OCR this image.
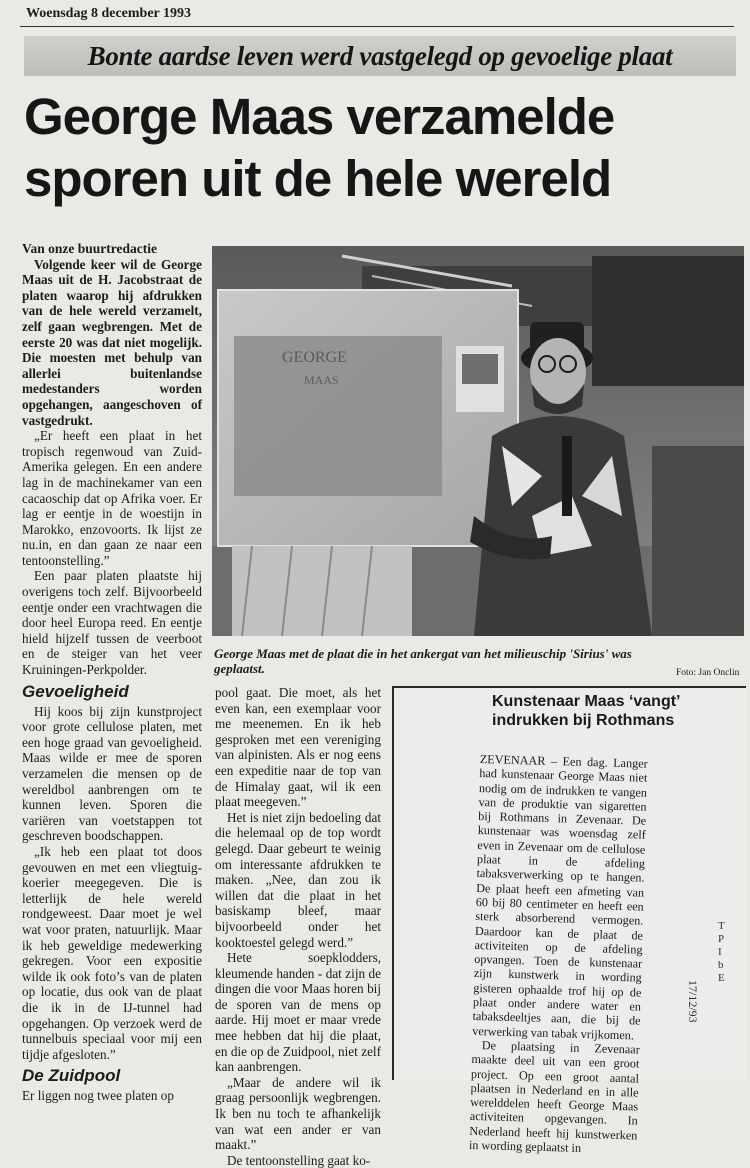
Woensdag 8 december 1993
Bonte aardse leven werd vastgelegd op gevoelige plaat
George Maas verzamelde
sporen uit de hele wereld
Van onze buurtredactie

Volgende keer wil de George Maas uit de H. Jacobstraat de platen waarop hij afdrukken van de hele wereld verzamelt, zelf gaan wegbrengen. Met de eerste 20 was dat niet mogelijk. Die moesten met behulp van allerlei buitenlandse medestanders worden opgehangen, aangeschoven of vastgedrukt.

„Er heeft een plaat in het tropisch regenwoud van Zuid-Amerika gelegen. En een andere lag in de machinekamer van een cacaoschip dat op Afrika voer. Er lag er eentje in de woestijn in Marokko, enzovoorts. Ik lijst ze nu.in, en dan gaan ze naar een tentoonstelling.”

Een paar platen plaatste hij overigens toch zelf. Bijvoorbeeld eentje onder een vrachtwagen die door heel Europa reed. En eentje hield hijzelf tussen de veerboot en de steiger van het veer Kruiningen-Perkpolder.

Gevoeligheid

Hij koos bij zijn kunstproject voor grote cellulose platen, met een hoge graad van gevoeligheid. Maas wilde er mee de sporen verzamelen die mensen op de wereldbol aanbrengen om te kunnen leven. Sporen die variëren van voetstappen tot geschreven boodschappen.

„Ik heb een plaat tot doos gevouwen en met een vliegtuig-koerier meegegeven. Die is letterlijk de hele wereld rondgeweest. Daar moet je wel wat voor praten, natuurlijk. Maar ik heb geweldige medewerking gekregen. Voor een expositie wilde ik ook foto’s van de platen op locatie, dus ook van de plaat die ik in de IJ-tunnel had opgehangen. Op verzoek werd de tunnelbuis speciaal voor mij een tijdje afgesloten.”

De Zuidpool

Er liggen nog twee platen op

GEORGE
MAAS
George Maas met de plaat die in het ankergat van het milieuschip 'Sirius' was geplaatst.	Foto: Jan Onclin

pool gaat. Die moet, als het even kan, een exemplaar voor me meenemen. En ik heb gesproken met een vereniging van alpinisten. Als er nog eens een expeditie naar de top van de Himalay gaat, wil ik een plaat meegeven.”

Het is niet zijn bedoeling dat die helemaal op de top wordt gelegd. Daar gebeurt te weinig om interessante afdrukken te maken. „Nee, dan zou ik willen dat die plaat in het basiskamp bleef, maar bijvoorbeeld onder het kooktoestel gelegd werd.”

Hete soepklodders, kleumende handen - dat zijn de dingen die voor Maas horen bij de sporen van de mens op aarde. Hij moet er maar vrede mee hebben dat hij die plaat, en die op de Zuidpool, niet zelf kan aanbrengen.

„Maar de andere wil ik graag persoonlijk wegbrengen. Ik ben nu toch te afhankelijk van wat een ander er van maakt.”

De tentoonstelling gaat ko-

Kunstenaar Maas ‘vangt’ indrukken bij Rothmans

ZEVENAAR – Een dag. Langer had kunstenaar George Maas niet nodig om de indrukken te vangen van de produktie van sigaretten bij Rothmans in Zevenaar. De kunstenaar was woensdag zelf even in Zevenaar om de cellulose plaat in de afdeling tabaksverwerking op te hangen. De plaat heeft een afmeting van 60 bij 80 centimeter en heeft een sterk absorberend vermogen. Daardoor kan de plaat de activiteiten op de afdeling opvangen. Toen de kunstenaar zijn kunstwerk in wording gisteren ophaalde trof hij op de plaat onder andere water en tabaksdeeltjes aan, die bij de verwerking van tabak vrijkomen.

De plaatsing in Zevenaar maakte deel uit van een groot project. Op een groot aantal plaatsen in Nederland en in alle werelddelen heeft George Maas activiteiten opgevangen. In Nederland heeft hij kunstwerken in wording geplaatst in

17/12/93
T
P
I
b
E
